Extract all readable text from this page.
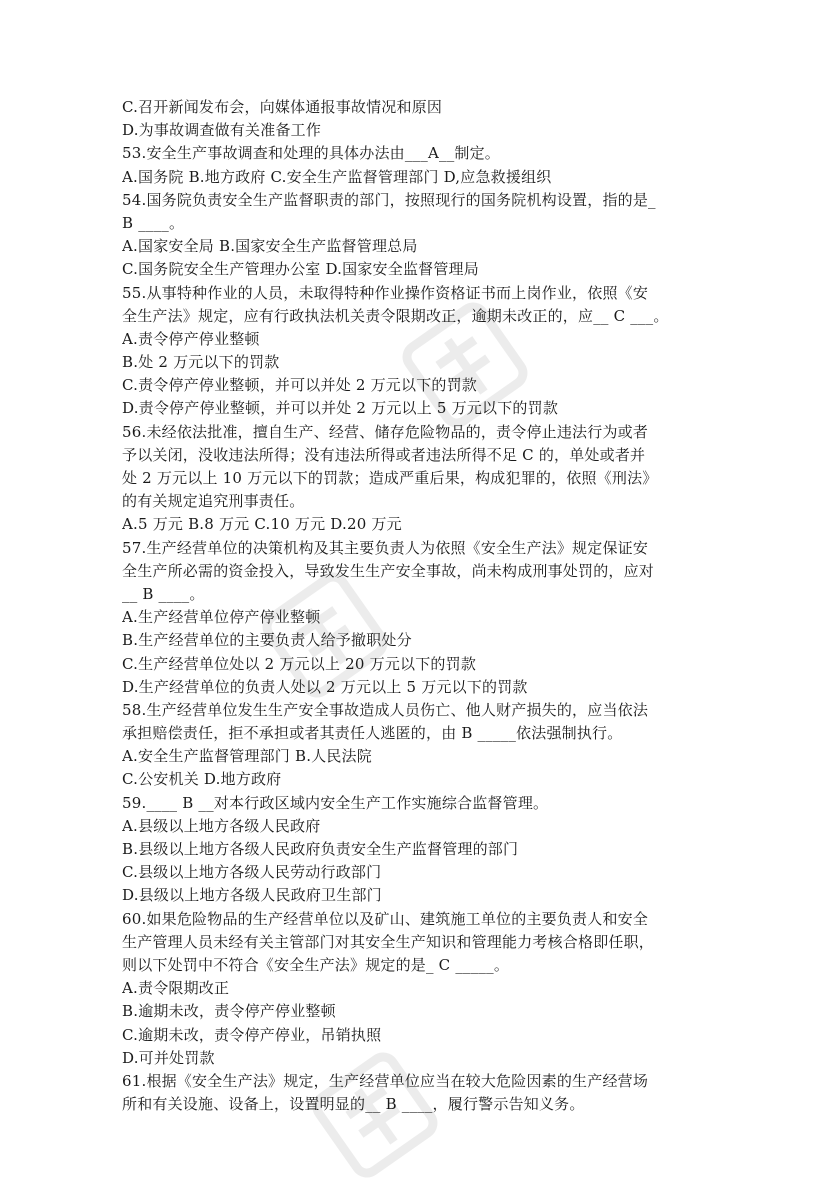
C.召开新闻发布会，向媒体通报事故情况和原因
D.为事故调查做有关准备工作
53.安全生产事故调查和处理的具体办法由___A__制定。
A.国务院 B.地方政府 C.安全生产监督管理部门 D,应急救援组织
54.国务院负责安全生产监督职责的部门，按照现行的国务院机构设置，指的是_
B ____。
A.国家安全局 B.国家安全生产监督管理总局
C.国务院安全生产管理办公室 D.国家安全监督管理局
55.从事特种作业的人员，未取得特种作业操作资格证书而上岗作业，依照《安
全生产法》规定，应有行政执法机关责令限期改正，逾期未改正的，应__ C ___。
A.责令停产停业整顿
B.处 2 万元以下的罚款
C.责令停产停业整顿，并可以并处 2 万元以下的罚款
D.责令停产停业整顿，并可以并处 2 万元以上 5 万元以下的罚款
56.未经依法批准，擅自生产、经营、储存危险物品的，责令停止违法行为或者
予以关闭，没收违法所得；没有违法所得或者违法所得不足 C 的，单处或者并
处 2 万元以上 10 万元以下的罚款；造成严重后果，构成犯罪的，依照《刑法》
的有关规定追究刑事责任。
A.5 万元 B.8 万元 C.10 万元 D.20 万元
57.生产经营单位的决策机构及其主要负责人为依照《安全生产法》规定保证安
全生产所必需的资金投入，导致发生生产安全事故，尚未构成刑事处罚的，应对
__ B ____。
A.生产经营单位停产停业整顿
B.生产经营单位的主要负责人给予撤职处分
C.生产经营单位处以 2 万元以上 20 万元以下的罚款
D.生产经营单位的负责人处以 2 万元以上 5 万元以下的罚款
58.生产经营单位发生生产安全事故造成人员伤亡、他人财产损失的，应当依法
承担赔偿责任，拒不承担或者其责任人逃匿的，由 B _____依法强制执行。
A.安全生产监督管理部门 B.人民法院
C.公安机关 D.地方政府
59.____ B __对本行政区域内安全生产工作实施综合监督管理。
A.县级以上地方各级人民政府
B.县级以上地方各级人民政府负责安全生产监督管理的部门
C.县级以上地方各级人民劳动行政部门
D.县级以上地方各级人民政府卫生部门
60.如果危险物品的生产经营单位以及矿山、建筑施工单位的主要负责人和安全
生产管理人员未经有关主管部门对其安全生产知识和管理能力考核合格即任职，
则以下处罚中不符合《安全生产法》规定的是_ C _____。
A.责令限期改正
B.逾期未改，责令停产停业整顿
C.逾期未改，责令停产停业，吊销执照
D.可并处罚款
61.根据《安全生产法》规定，生产经营单位应当在较大危险因素的生产经营场
所和有关设施、设备上，设置明显的__ B ____，履行警示告知义务。
